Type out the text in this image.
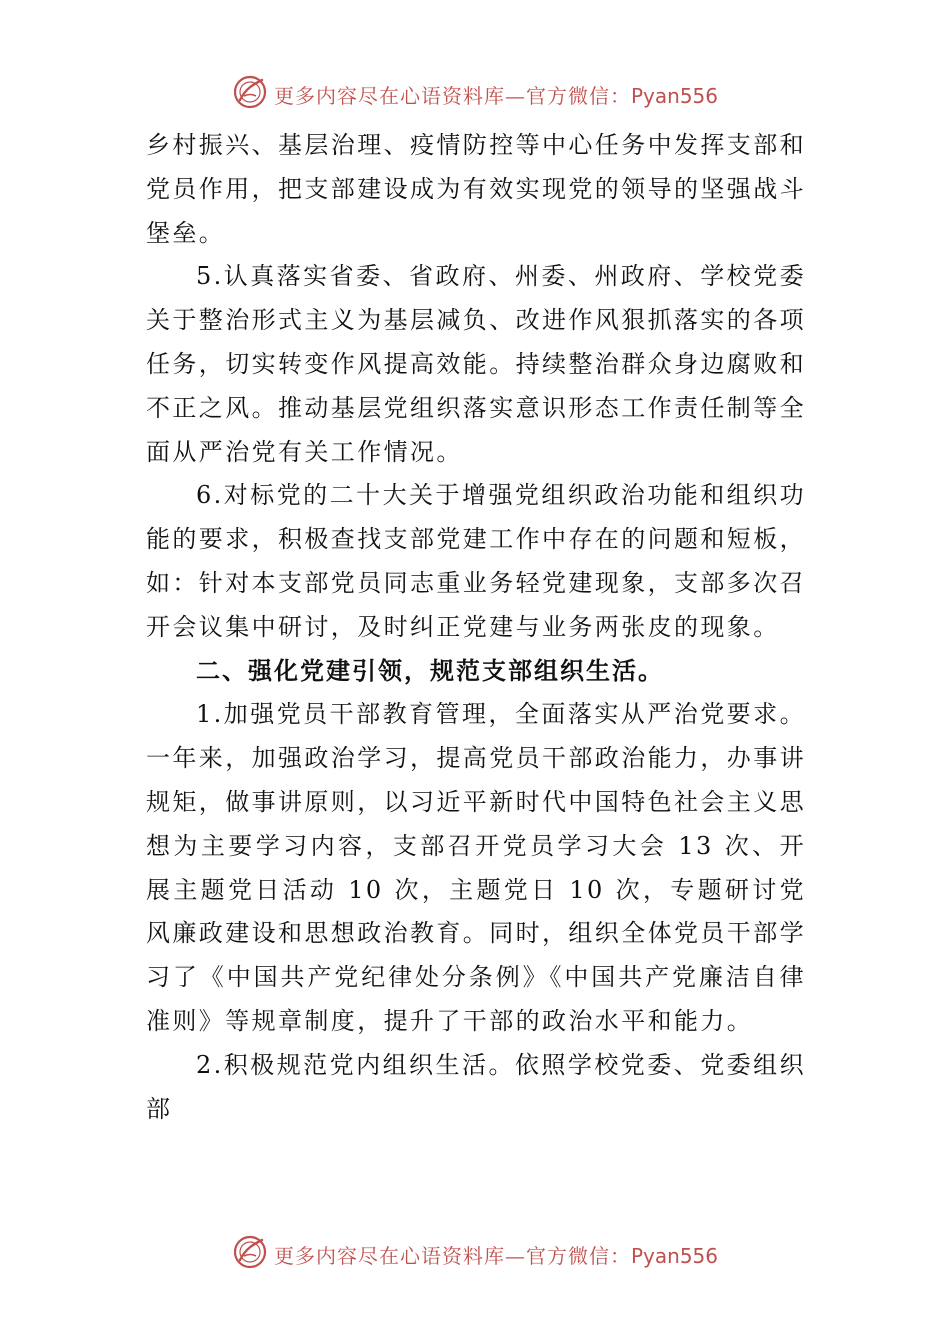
更多内容尽在心语资料库—官方微信：Pyan556

乡村振兴、基层治理、疫情防控等中心任务中发挥支部和党员作用，把支部建设成为有效实现党的领导的坚强战斗堡垒。

5.认真落实省委、省政府、州委、州政府、学校党委关于整治形式主义为基层减负、改进作风狠抓落实的各项任务，切实转变作风提高效能。持续整治群众身边腐败和不正之风。推动基层党组织落实意识形态工作责任制等全面从严治党有关工作情况。

6.对标党的二十大关于增强党组织政治功能和组织功能的要求，积极查找支部党建工作中存在的问题和短板，如：针对本支部党员同志重业务轻党建现象，支部多次召开会议集中研讨，及时纠正党建与业务两张皮的现象。

二、强化党建引领，规范支部组织生活。

1.加强党员干部教育管理，全面落实从严治党要求。一年来，加强政治学习，提高党员干部政治能力，办事讲规矩，做事讲原则，以习近平新时代中国特色社会主义思想为主要学习内容，支部召开党员学习大会 13 次、开展主题党日活动 10 次，主题党日 10 次，专题研讨党风廉政建设和思想政治教育。同时，组织全体党员干部学习了《中国共产党纪律处分条例》《中国共产党廉洁自律准则》等规章制度，提升了干部的政治水平和能力。

2.积极规范党内组织生活。依照学校党委、党委组织部

更多内容尽在心语资料库—官方微信：Pyan556
